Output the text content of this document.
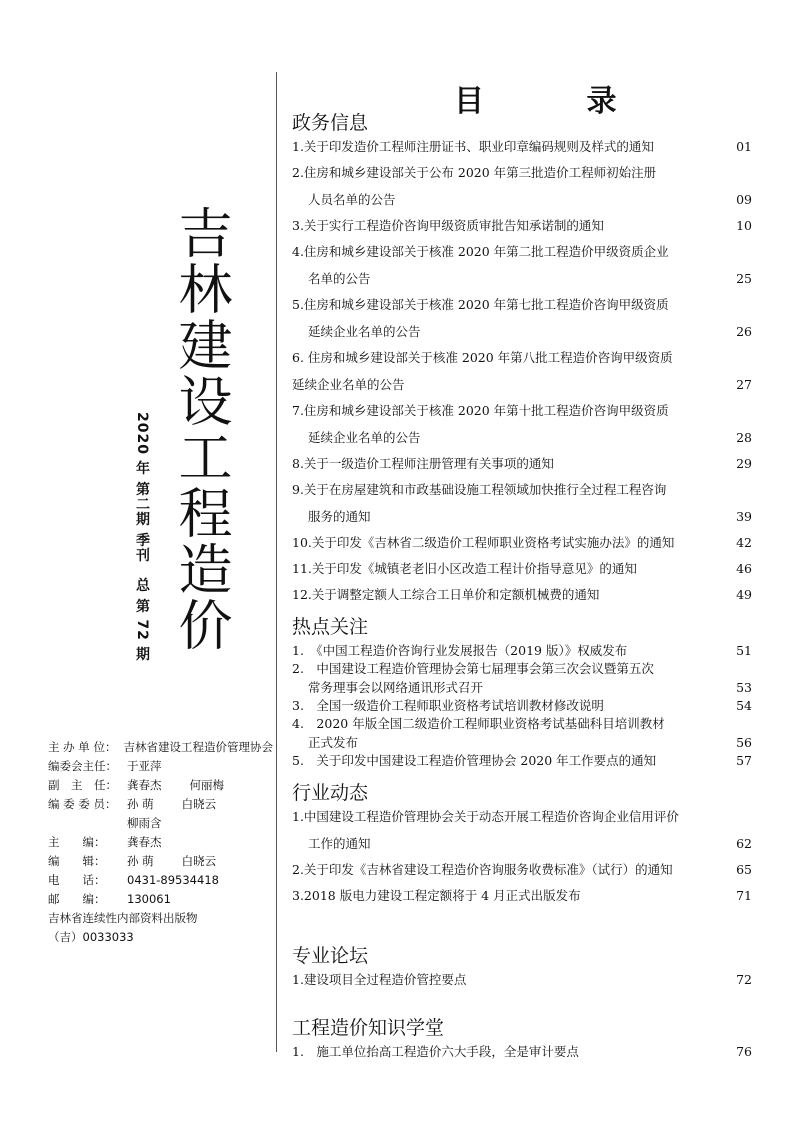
吉林建设工程造价
2020 年 第二期 季刊　总 第 72 期
主 办 单 位： 吉林省建设工程造价管理协会
编委会主任： 于亚萍
副　主　任： 龚春杰 何丽梅
编 委 委 员： 孙 萌 白晓云
柳雨含
主　　编：	龚春杰
编　　辑：	孙 萌 白晓云
电　　话：	0431-89534418
邮　　编：	130061
吉林省连续性内部资料出版物
（吉）0033033
目 录
政务信息
1.关于印发造价工程师注册证书、职业印章编码规则及样式的通知	01
2.住房和城乡建设部关于公布 2020 年第三批造价工程师初始注册
人员名单的公告	09
3.关于实行工程造价咨询甲级资质审批告知承诺制的通知	10
4.住房和城乡建设部关于核准 2020 年第二批工程造价甲级资质企业
名单的公告	25
5.住房和城乡建设部关于核准 2020 年第七批工程造价咨询甲级资质
延续企业名单的公告	26
6. 住房和城乡建设部关于核准 2020 年第八批工程造价咨询甲级资质
延续企业名单的公告	27
7.住房和城乡建设部关于核准 2020 年第十批工程造价咨询甲级资质
延续企业名单的公告	28
8.关于一级造价工程师注册管理有关事项的通知	29
9.关于在房屋建筑和市政基础设施工程领域加快推行全过程工程咨询
服务的通知	39
10.关于印发《吉林省二级造价工程师职业资格考试实施办法》的通知	42
11.关于印发《城镇老老旧小区改造工程计价指导意见》的通知	46
12.关于调整定额人工综合工日单价和定额机械费的通知	49
热点关注
1.　《中国工程造价咨询行业发展报告（2019 版）》权威发布	51
2.　中国建设工程造价管理协会第七届理事会第三次会议暨第五次
常务理事会以网络通讯形式召开	53
3.　全国一级造价工程师职业资格考试培训教材修改说明	54
4.　2020 年版全国二级造价工程师职业资格考试基础科目培训教材
正式发布	56
5.　关于印发中国建设工程造价管理协会 2020 年工作要点的通知	57
行业动态
1.中国建设工程造价管理协会关于动态开展工程造价咨询企业信用评价
工作的通知	62
2.关于印发《吉林省建设工程造价咨询服务收费标准》（试行）的通知	65
3.2018 版电力建设工程定额将于 4 月正式出版发布	71
专业论坛
1.建设项目全过程造价管控要点	72
工程造价知识学堂
1.　施工单位抬高工程造价六大手段，全是审计要点	76
